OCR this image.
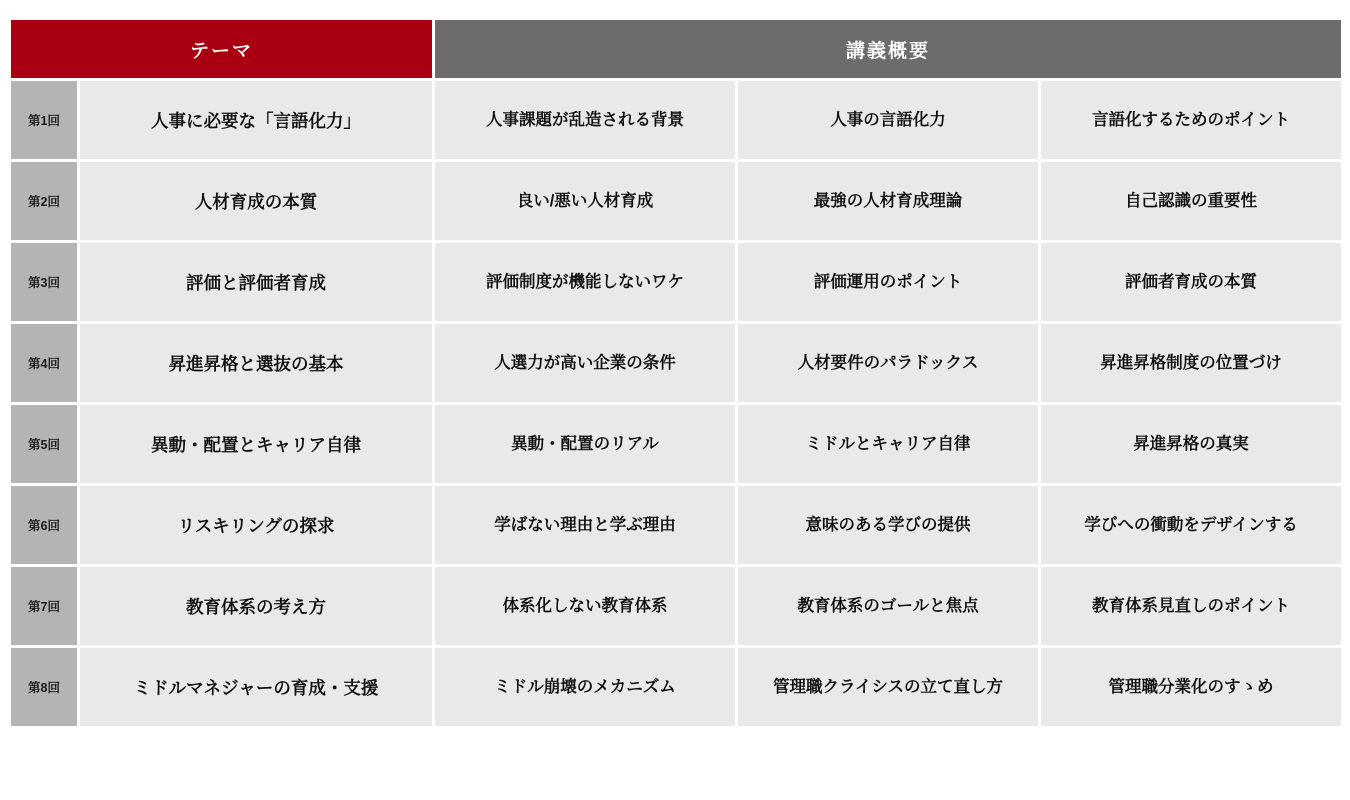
テーマ		講義概要		
第1回	人事に必要な「言語化力」	人事課題が乱造される背景	人事の言語化力	言語化するためのポイント
第2回	人材育成の本質	良い/悪い人材育成	最強の人材育成理論	自己認識の重要性
第3回	評価と評価者育成	評価制度が機能しないワケ	評価運用のポイント	評価者育成の本質
第4回	昇進昇格と選抜の基本	人選力が高い企業の条件	人材要件のパラドックス	昇進昇格制度の位置づけ
第5回	異動・配置とキャリア自律	異動・配置のリアル	ミドルとキャリア自律	昇進昇格の真実
第6回	リスキリングの探求	学ばない理由と学ぶ理由	意味のある学びの提供	学びへの衝動をデザインする
第7回	教育体系の考え方	体系化しない教育体系	教育体系のゴールと焦点	教育体系見直しのポイント
第8回	ミドルマネジャーの育成・支援	ミドル崩壊のメカニズム	管理職クライシスの立て直し方	管理職分業化のすゝめ
